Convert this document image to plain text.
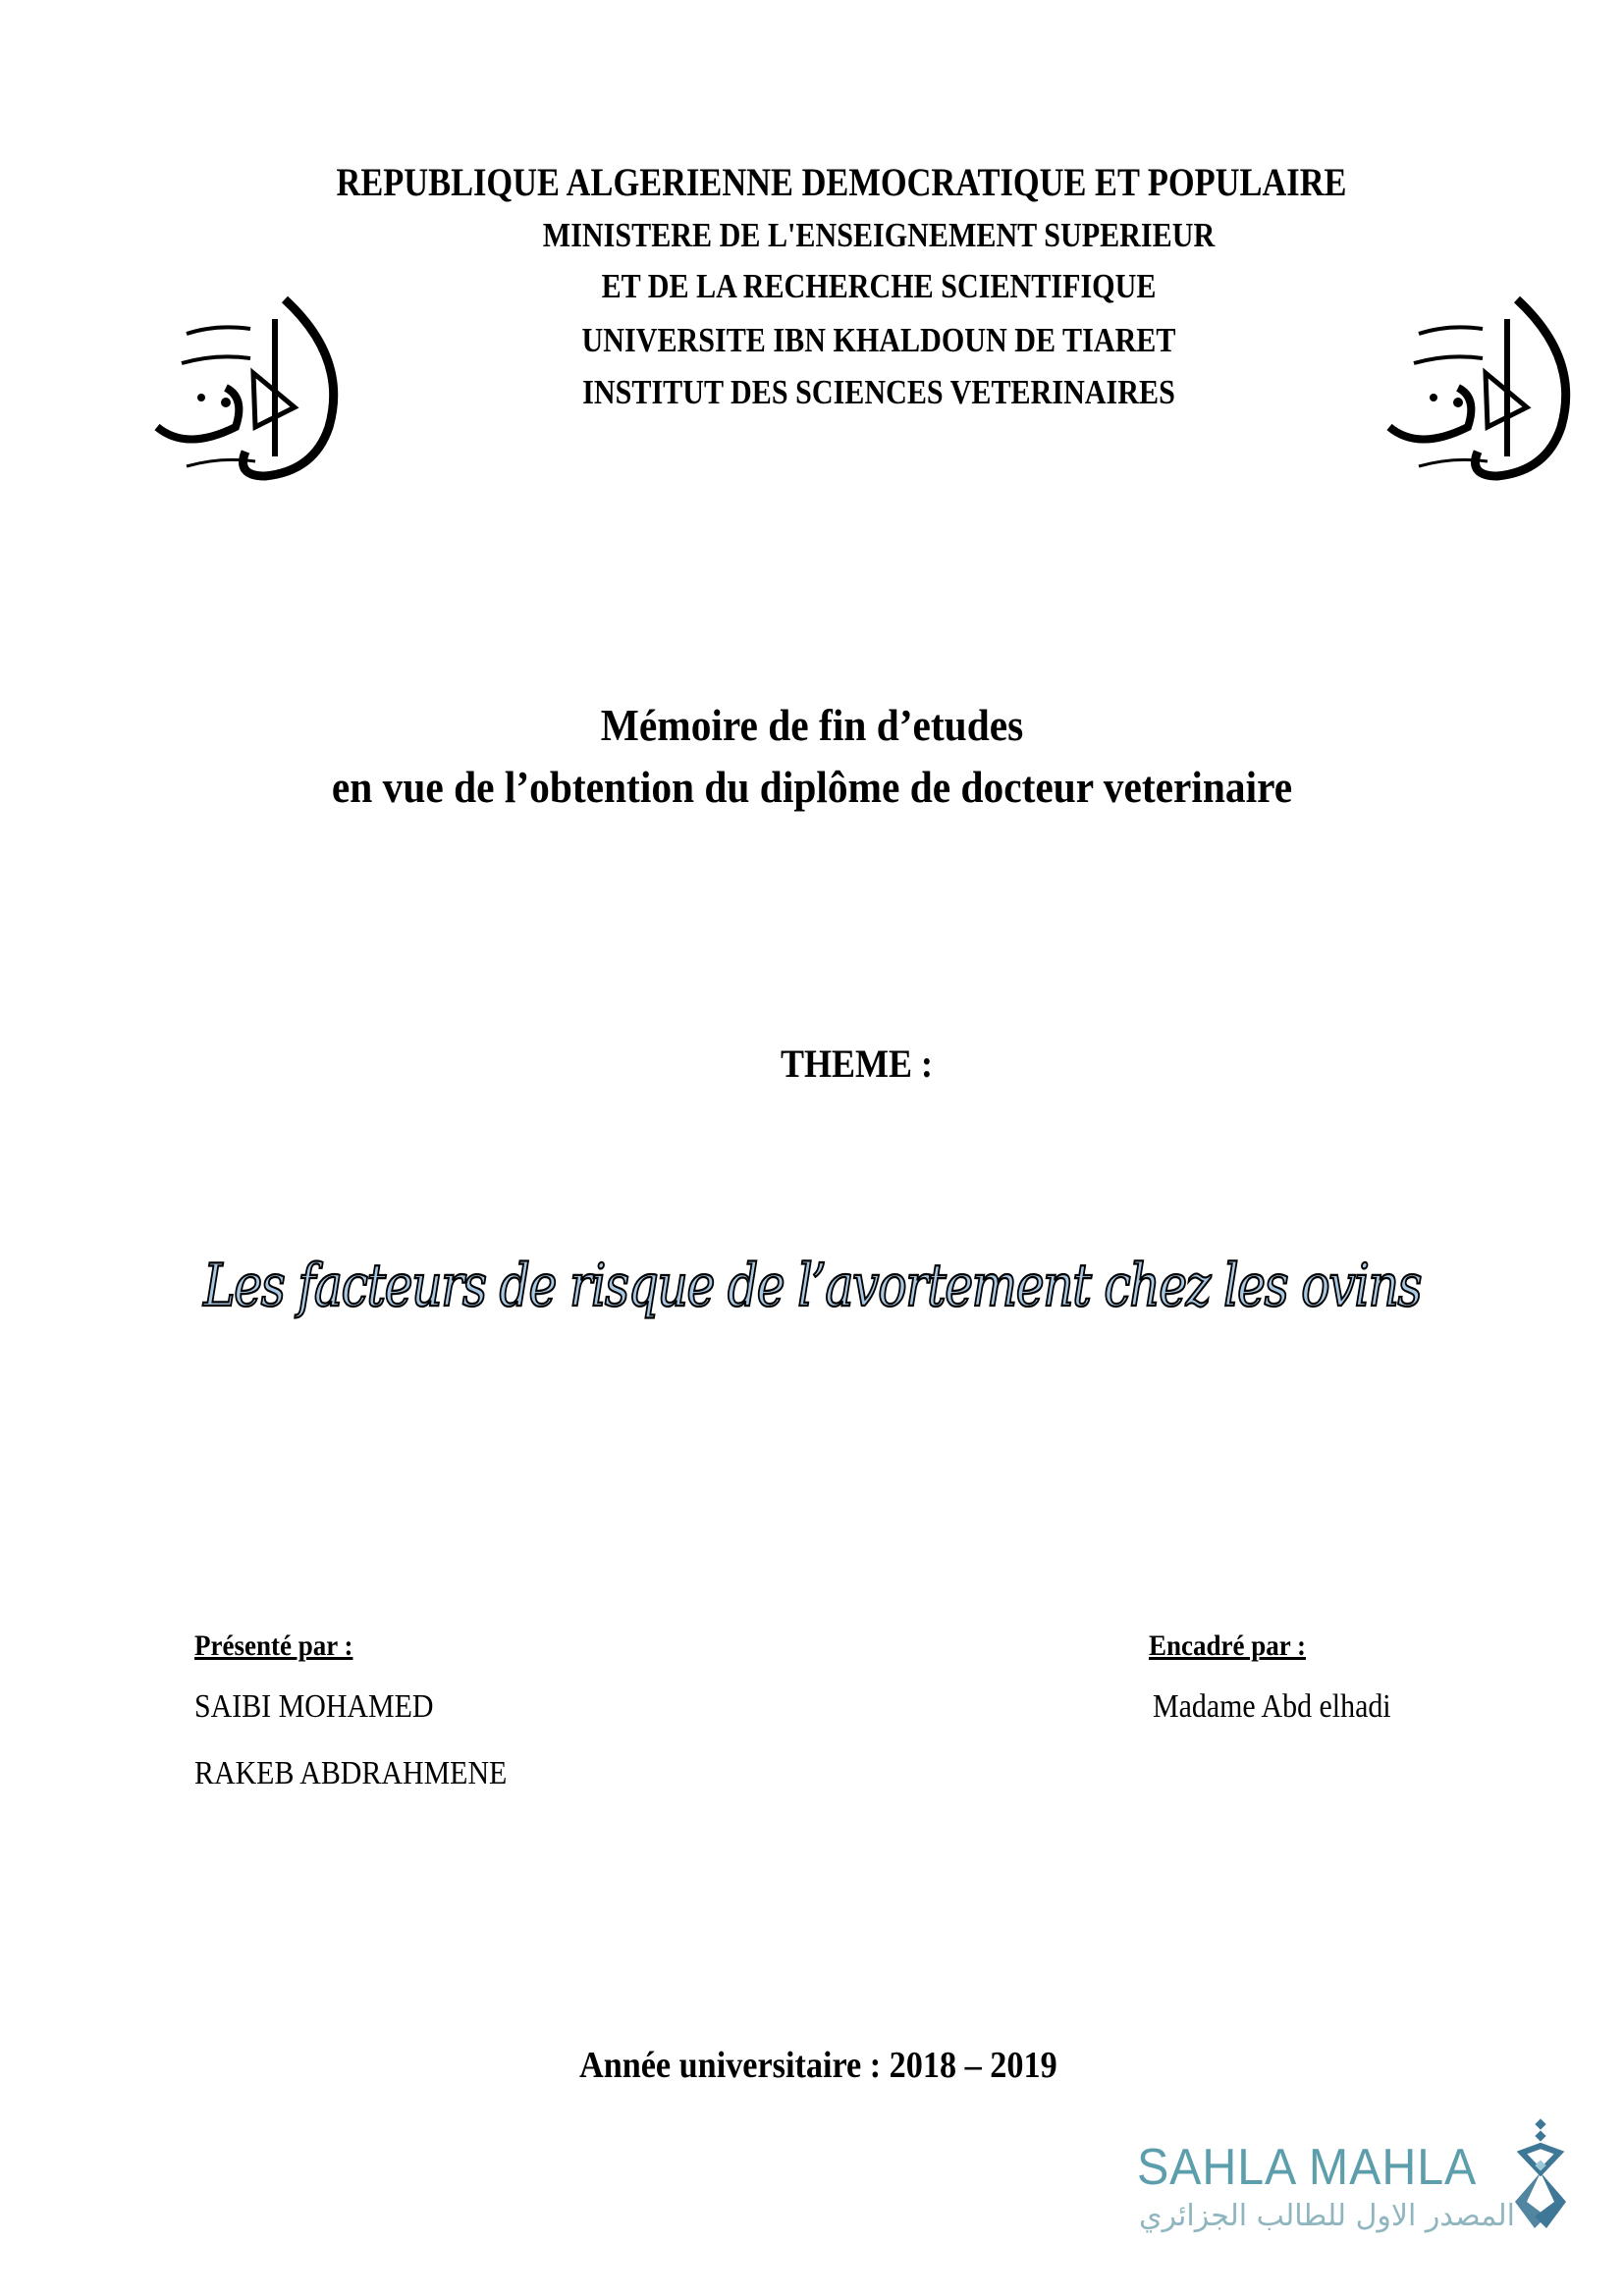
REPUBLIQUE ALGERIENNE DEMOCRATIQUE ET POPULAIRE
MINISTERE DE L'ENSEIGNEMENT SUPERIEUR
ET DE LA RECHERCHE SCIENTIFIQUE
UNIVERSITE IBN KHALDOUN DE TIARET
INSTITUT DES SCIENCES VETERINAIRES
Mémoire de fin d’etudes
en vue de l’obtention du diplôme de docteur veterinaire
THEME :
Les facteurs de risque de l’avortement chez les ovins
Présenté par :
SAIBI MOHAMED
RAKEB ABDRAHMENE
Encadré par :
Madame Abd elhadi
Année universitaire : 2018 – 2019
SAHLA MAHLA
المصدر الاول للطالب الجزائري
